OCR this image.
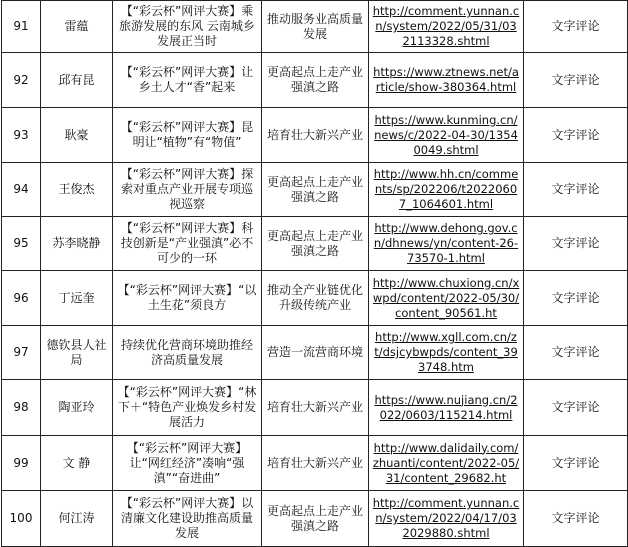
91	雷蕴	【“彩云杯”网评大赛】乘旅游发展的东风 云南城乡发展正当时	推动服务业高质量发展	http://comment.yunnan.cn/system/2022/05/31/032113328.shtml	文字评论
92	邱有昆	【“彩云杯”网评大赛】让乡土人才“香”起来	更高起点上走产业强滇之路	https://www.ztnews.net/article/show-380364.html	文字评论
93	耿豪	【“彩云杯”网评大赛】昆明让“植物”有“物值”	培育壮大新兴产业	https://www.kunming.cn/news/c/2022-04-30/13540049.shtml	文字评论
94	王俊杰	【“彩云杯”网评大赛】探索对重点产业开展专项巡视巡察	更高起点上走产业强滇之路	http://www.hh.cn/comments/sp/202206/t20220607_1064601.html	文字评论
95	苏李晓静	【“彩云杯”网评大赛】科技创新是“产业强滇”必不可少的一环	更高起点上走产业强滇之路	http://www.dehong.gov.cn/dhnews/yn/content-26-73570-1.html	文字评论
96	丁远奎	【“彩云杯”网评大赛】“以土生花”须良方	推动全产业链优化升级传统产业	http://www.chuxiong.cn/xwpd/content/2022-05/30/content_90561.ht	文字评论
97	德钦县人社局	持续优化营商环境助推经济高质量发展	营造一流营商环境	http://www.xgll.com.cn/zt/dsjcybwpds/content_393748.htm	文字评论
98	陶亚玲	【“彩云杯”网评大赛】“林下＋“特色产业焕发乡村发展活力	培育壮大新兴产业	https://www.nujiang.cn/2022/0603/115214.html	文字评论
99	文 静	【“彩云杯”网评大赛】让“网红经济”凑响“强滇”“奋进曲”	培育壮大新兴产业	http://www.dalidaily.com/zhuanti/content/2022-05/31/content_29682.ht	文字评论
100	何江涛	【“彩云杯”网评大赛】以清廉文化建设助推高质量发展	更高起点上走产业强滇之路	http://comment.yunnan.cn/system/2022/04/17/032029880.shtml	文字评论
